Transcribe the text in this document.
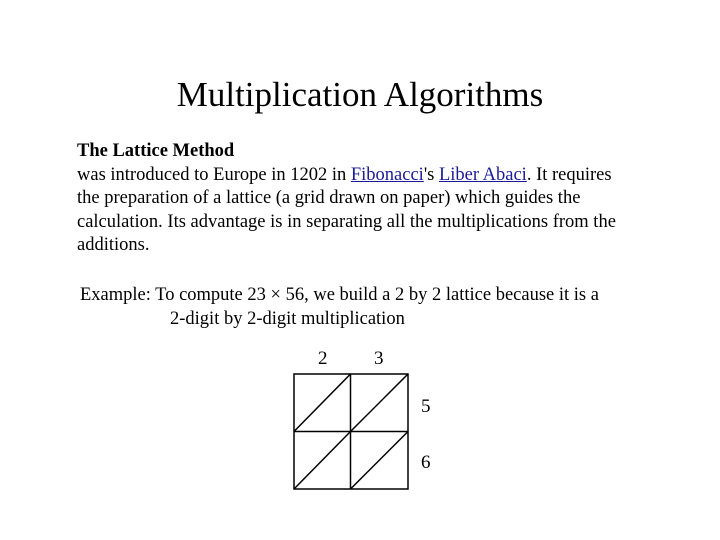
Multiplication Algorithms
The Lattice Method
was introduced to Europe in 1202 in Fibonacci's Liber Abaci. It requires the preparation of a lattice (a grid drawn on paper) which guides the calculation. Its advantage is in separating all the multiplications from the additions.
Example: To compute 23 × 56, we build a 2 by 2 lattice because it is a
2-digit by 2-digit multiplication
2 3
5
6
